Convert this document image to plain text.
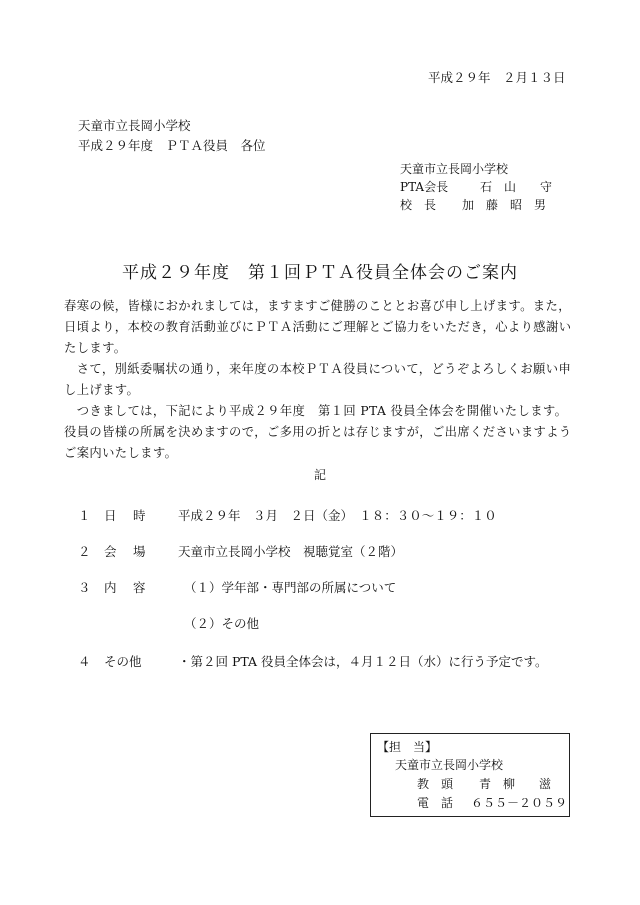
平成２９年　２月１３日
天童市立長岡小学校
平成２９年度　ＰＴＡ役員　各位
天童市立長岡小学校
PTA会長	石　山　　守
校　長 加　藤　昭　男
平成２９年度　第１回ＰＴＡ役員全体会のご案内
春寒の候，皆様におかれましては，ますますご健勝のこととお喜び申し上げます。また，
日頃より，本校の教育活動並びにＰＴＡ活動にご理解とご協力をいただき，心より感謝い
たします。
　さて，別紙委嘱状の通り，来年度の本校ＰＴＡ役員について，どうぞよろしくお願い申
し上げます。
　つきましては，下記により平成２９年度　第１回 PTA 役員全体会を開催いたします。
役員の皆様の所属を決めますので，ご多用の折とは存じますが，ご出席くださいますよう
ご案内いたします。
記
１ 日　時 平成２９年　３月　２日（金）　１８：３０～１９：１０
２ 会　場 天童市立長岡小学校　視聴覚室（２階）
３ 内　容	（１）学年部・専門部の所属について
（２）その他
４ その他	・第２回 PTA 役員全体会は，４月１２日（水）に行う予定です。
【担　当】
天童市立長岡小学校
教　頭 青　柳　　滋
電　話 ６５５－２０５９
